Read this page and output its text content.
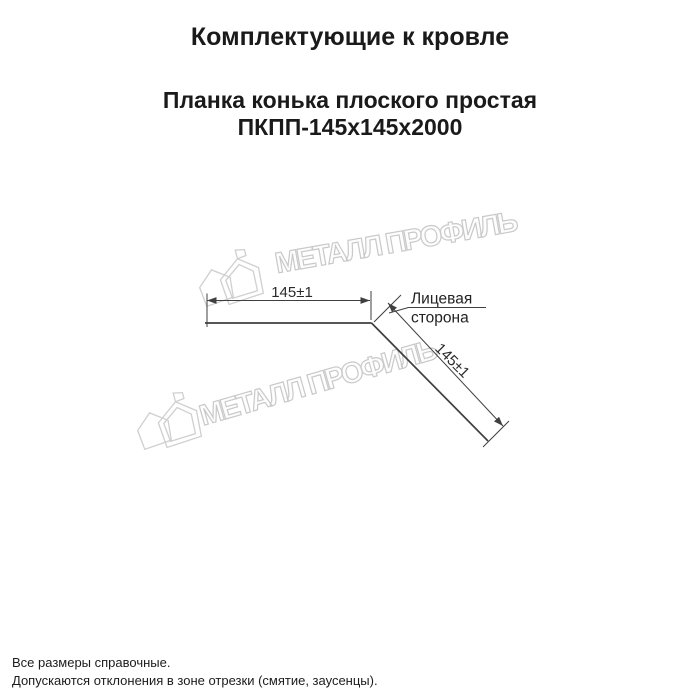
Комплектующие к кровле
Планка конька плоского простая
ПКПП-145х145х2000
МЕТАЛЛ ПРОФИЛЬ
МЕТАЛЛ ПРОФИЛЬ
145±1
145±1
Лицевая
сторона
Все размеры справочные.
Допускаются отклонения в зоне отрезки (смятие, заусенцы).
